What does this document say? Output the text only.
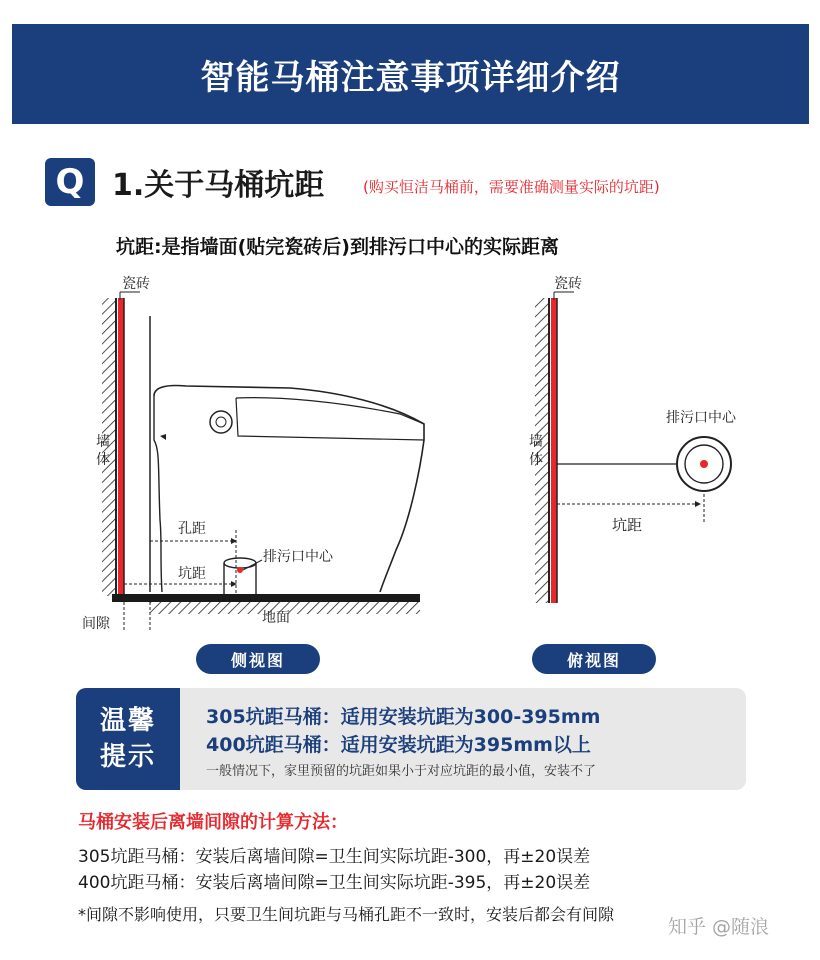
智能马桶注意事项详细介绍
Q 1.关于马桶坑距	(购买恒洁马桶前，需要准确测量实际的坑距)
坑距:是指墙面(贴完瓷砖后)到排污口中心的实际距离
瓷砖
墙
体
排污口中心
孔距
坑距
地面
间隙
瓷砖
墙
体
排污口中心
坑距
侧视图	俯视图
温馨
提示
305坑距马桶：适用安装坑距为300-395mm
400坑距马桶：适用安装坑距为395mm以上
一般情况下，家里预留的坑距如果小于对应坑距的最小值，安装不了
马桶安装后离墙间隙的计算方法：
305坑距马桶：安装后离墙间隙=卫生间实际坑距-300，再±20误差
400坑距马桶：安装后离墙间隙=卫生间实际坑距-395，再±20误差
*间隙不影响使用，只要卫生间坑距与马桶孔距不一致时，安装后都会有间隙
知乎 @随浪
